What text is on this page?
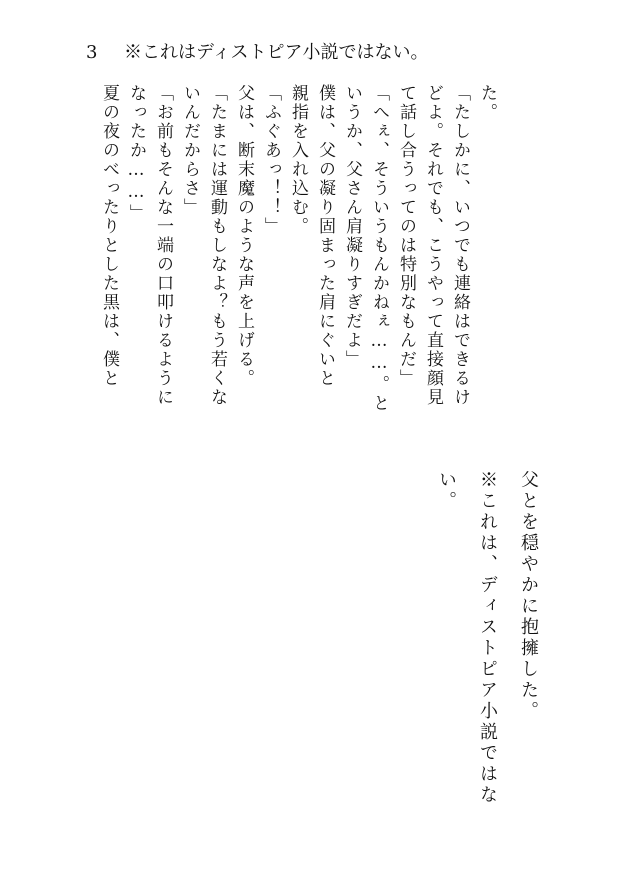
3	※これはディストピア小説ではない。
た。
「たしかに、いつでも連絡はできるけ
どよ。それでも、こうやって直接顔見
て話し合うってのは特別なもんだ」
「へぇ、そういうもんかねぇ……。と
いうか、父さん肩凝りすぎだよ」
僕は、父の凝り固まった肩にぐいと
親指を入れ込む。
「ふぐあっ！！」
父は、断末魔のような声を上げる。
「たまには運動もしなよ？もう若くな
いんだからさ」
「お前もそんな一端の口叩けるように
なったか……」
夏の夜のべったりとした黒は、僕と
父とを穏やかに抱擁した。
※これは、ディストピア小説ではな
い。
